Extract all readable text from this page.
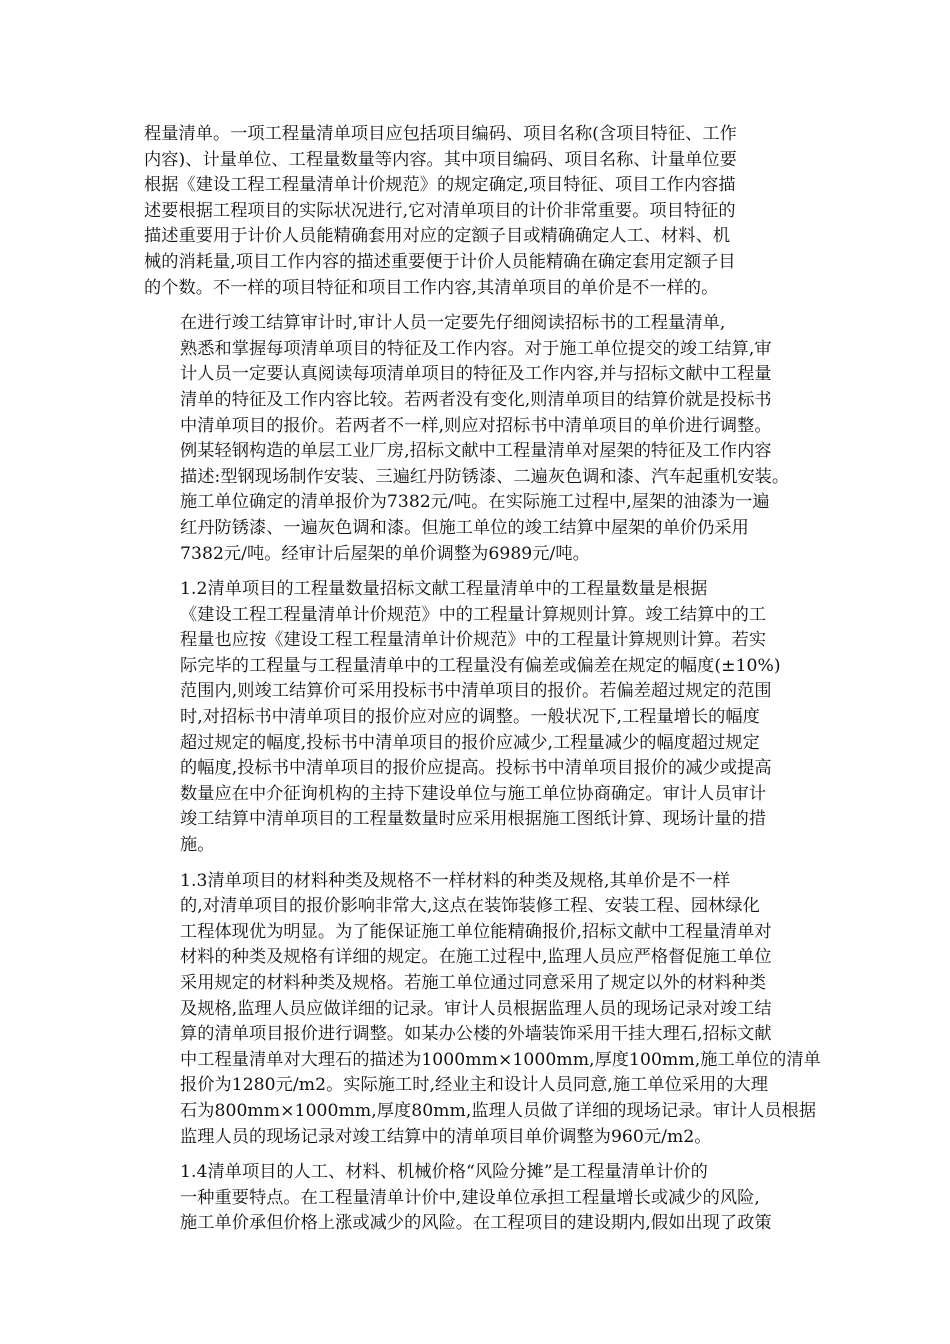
程量清单。一项工程量清单项目应包括项目编码、项目名称(含项目特征、工作
内容)、计量单位、工程量数量等内容。其中项目编码、项目名称、计量单位要
根据《建设工程工程量清单计价规范》的规定确定,项目特征、项目工作内容描
述要根据工程项目的实际状况进行,它对清单项目的计价非常重要。项目特征的
描述重要用于计价人员能精确套用对应的定额子目或精确确定人工、材料、机
械的消耗量,项目工作内容的描述重要便于计价人员能精确在确定套用定额子目
的个数。不一样的项目特征和项目工作内容,其清单项目的单价是不一样的。
在进行竣工结算审计时,审计人员一定要先仔细阅读招标书的工程量清单,
熟悉和掌握每项清单项目的特征及工作内容。对于施工单位提交的竣工结算,审
计人员一定要认真阅读每项清单项目的特征及工作内容,并与招标文献中工程量
清单的特征及工作内容比较。若两者没有变化,则清单项目的结算价就是投标书
中清单项目的报价。若两者不一样,则应对招标书中清单项目的单价进行调整。
例某轻钢构造的单层工业厂房,招标文献中工程量清单对屋架的特征及工作内容
描述:型钢现场制作安装、三遍红丹防锈漆、二遍灰色调和漆、汽车起重机安装。
施工单位确定的清单报价为7382元/吨。在实际施工过程中,屋架的油漆为一遍
红丹防锈漆、一遍灰色调和漆。但施工单位的竣工结算中屋架的单价仍采用
7382元/吨。经审计后屋架的单价调整为6989元/吨。
1.2清单项目的工程量数量招标文献工程量清单中的工程量数量是根据
《建设工程工程量清单计价规范》中的工程量计算规则计算。竣工结算中的工
程量也应按《建设工程工程量清单计价规范》中的工程量计算规则计算。若实
际完毕的工程量与工程量清单中的工程量没有偏差或偏差在规定的幅度(±10%)
范围内,则竣工结算价可采用投标书中清单项目的报价。若偏差超过规定的范围
时,对招标书中清单项目的报价应对应的调整。一般状况下,工程量增长的幅度
超过规定的幅度,投标书中清单项目的报价应减少,工程量减少的幅度超过规定
的幅度,投标书中清单项目的报价应提高。投标书中清单项目报价的减少或提高
数量应在中介征询机构的主持下建设单位与施工单位协商确定。审计人员审计
竣工结算中清单项目的工程量数量时应采用根据施工图纸计算、现场计量的措
施。
1.3清单项目的材料种类及规格不一样材料的种类及规格,其单价是不一样
的,对清单项目的报价影响非常大,这点在装饰装修工程、安装工程、园林绿化
工程体现优为明显。为了能保证施工单位能精确报价,招标文献中工程量清单对
材料的种类及规格有详细的规定。在施工过程中,监理人员应严格督促施工单位
采用规定的材料种类及规格。若施工单位通过同意采用了规定以外的材料种类
及规格,监理人员应做详细的记录。审计人员根据监理人员的现场记录对竣工结
算的清单项目报价进行调整。如某办公楼的外墙装饰采用干挂大理石,招标文献
中工程量清单对大理石的描述为1000mm×1000mm,厚度100mm,施工单位的清单
报价为1280元/m2。实际施工时,经业主和设计人员同意,施工单位采用的大理
石为800mm×1000mm,厚度80mm,监理人员做了详细的现场记录。审计人员根据
监理人员的现场记录对竣工结算中的清单项目单价调整为960元/m2。
1.4清单项目的人工、材料、机械价格“风险分摊”是工程量清单计价的
一种重要特点。在工程量清单计价中,建设单位承担工程量增长或减少的风险,
施工单价承但价格上涨或减少的风险。在工程项目的建设期内,假如出现了政策
